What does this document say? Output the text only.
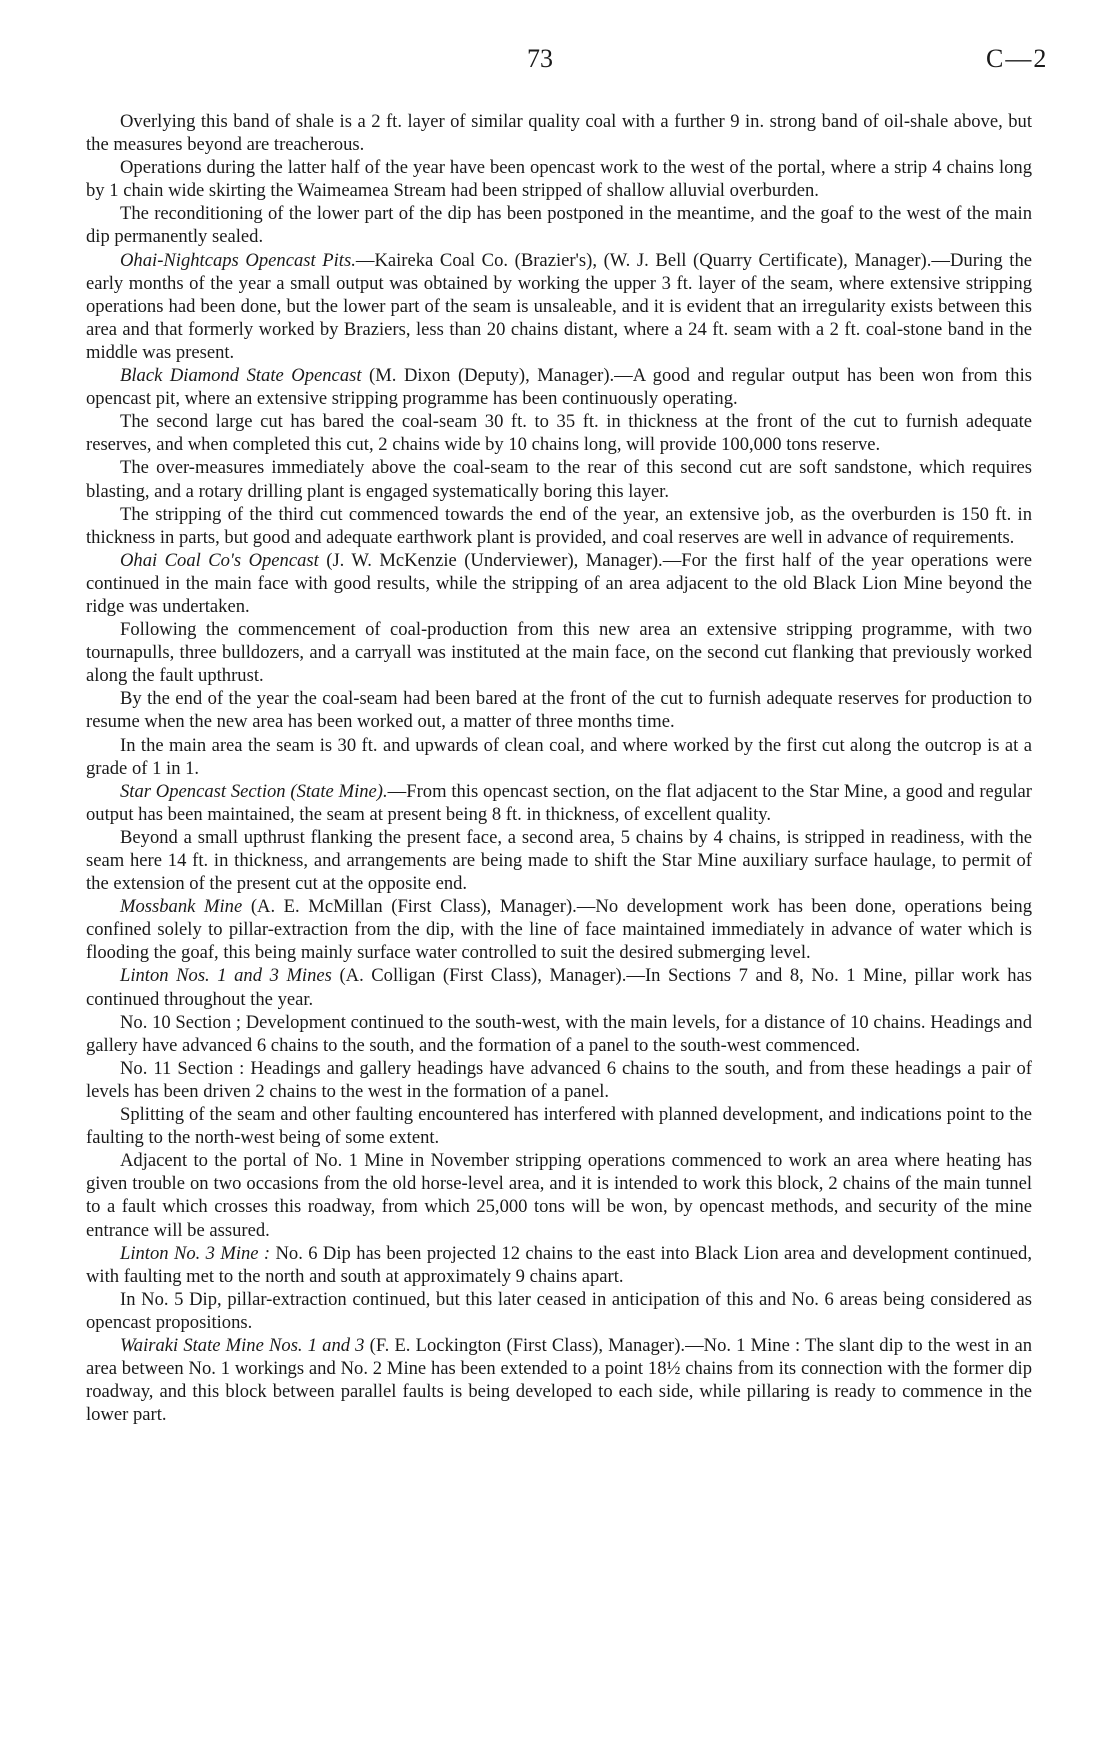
73	C—2

Overlying this band of shale is a 2 ft. layer of similar quality coal with a further 9 in. strong band of oil-shale above, but the measures beyond are treacherous.

Operations during the latter half of the year have been opencast work to the west of the portal, where a strip 4 chains long by 1 chain wide skirting the Waimeamea Stream had been stripped of shallow alluvial overburden.

The reconditioning of the lower part of the dip has been postponed in the meantime, and the goaf to the west of the main dip permanently sealed.

Ohai-Nightcaps Opencast Pits.—Kaireka Coal Co. (Brazier's), (W. J. Bell (Quarry Certificate), Manager).—During the early months of the year a small output was obtained by working the upper 3 ft. layer of the seam, where extensive stripping operations had been done, but the lower part of the seam is unsaleable, and it is evident that an irregularity exists between this area and that formerly worked by Braziers, less than 20 chains distant, where a 24 ft. seam with a 2 ft. coal-stone band in the middle was present.

Black Diamond State Opencast (M. Dixon (Deputy), Manager).—A good and regular output has been won from this opencast pit, where an extensive stripping programme has been continuously operating.

The second large cut has bared the coal-seam 30 ft. to 35 ft. in thickness at the front of the cut to furnish adequate reserves, and when completed this cut, 2 chains wide by 10 chains long, will provide 100,000 tons reserve.

The over-measures immediately above the coal-seam to the rear of this second cut are soft sandstone, which requires blasting, and a rotary drilling plant is engaged systematically boring this layer.

The stripping of the third cut commenced towards the end of the year, an extensive job, as the overburden is 150 ft. in thickness in parts, but good and adequate earthwork plant is provided, and coal reserves are well in advance of requirements.

Ohai Coal Co's Opencast (J. W. McKenzie (Underviewer), Manager).—For the first half of the year operations were continued in the main face with good results, while the stripping of an area adjacent to the old Black Lion Mine beyond the ridge was undertaken.

Following the commencement of coal-production from this new area an extensive stripping programme, with two tournapulls, three bulldozers, and a carryall was instituted at the main face, on the second cut flanking that previously worked along the fault upthrust.

By the end of the year the coal-seam had been bared at the front of the cut to furnish adequate reserves for production to resume when the new area has been worked out, a matter of three months time.

In the main area the seam is 30 ft. and upwards of clean coal, and where worked by the first cut along the outcrop is at a grade of 1 in 1.

Star Opencast Section (State Mine).—From this opencast section, on the flat adjacent to the Star Mine, a good and regular output has been maintained, the seam at present being 8 ft. in thickness, of excellent quality.

Beyond a small upthrust flanking the present face, a second area, 5 chains by 4 chains, is stripped in readiness, with the seam here 14 ft. in thickness, and arrangements are being made to shift the Star Mine auxiliary surface haulage, to permit of the extension of the present cut at the opposite end.

Mossbank Mine (A. E. McMillan (First Class), Manager).—No development work has been done, operations being confined solely to pillar-extraction from the dip, with the line of face maintained immediately in advance of water which is flooding the goaf, this being mainly surface water controlled to suit the desired submerging level.

Linton Nos. 1 and 3 Mines (A. Colligan (First Class), Manager).—In Sections 7 and 8, No. 1 Mine, pillar work has continued throughout the year.

No. 10 Section ; Development continued to the south-west, with the main levels, for a distance of 10 chains. Headings and gallery have advanced 6 chains to the south, and the formation of a panel to the south-west commenced.

No. 11 Section : Headings and gallery headings have advanced 6 chains to the south, and from these headings a pair of levels has been driven 2 chains to the west in the formation of a panel.

Splitting of the seam and other faulting encountered has interfered with planned development, and indications point to the faulting to the north-west being of some extent.

Adjacent to the portal of No. 1 Mine in November stripping operations commenced to work an area where heating has given trouble on two occasions from the old horse-level area, and it is intended to work this block, 2 chains of the main tunnel to a fault which crosses this roadway, from which 25,000 tons will be won, by opencast methods, and security of the mine entrance will be assured.

Linton No. 3 Mine : No. 6 Dip has been projected 12 chains to the east into Black Lion area and development continued, with faulting met to the north and south at approximately 9 chains apart.

In No. 5 Dip, pillar-extraction continued, but this later ceased in anticipation of this and No. 6 areas being considered as opencast propositions.

Wairaki State Mine Nos. 1 and 3 (F. E. Lockington (First Class), Manager).—No. 1 Mine : The slant dip to the west in an area between No. 1 workings and No. 2 Mine has been extended to a point 18½ chains from its connection with the former dip roadway, and this block between parallel faults is being developed to each side, while pillaring is ready to commence in the lower part.
